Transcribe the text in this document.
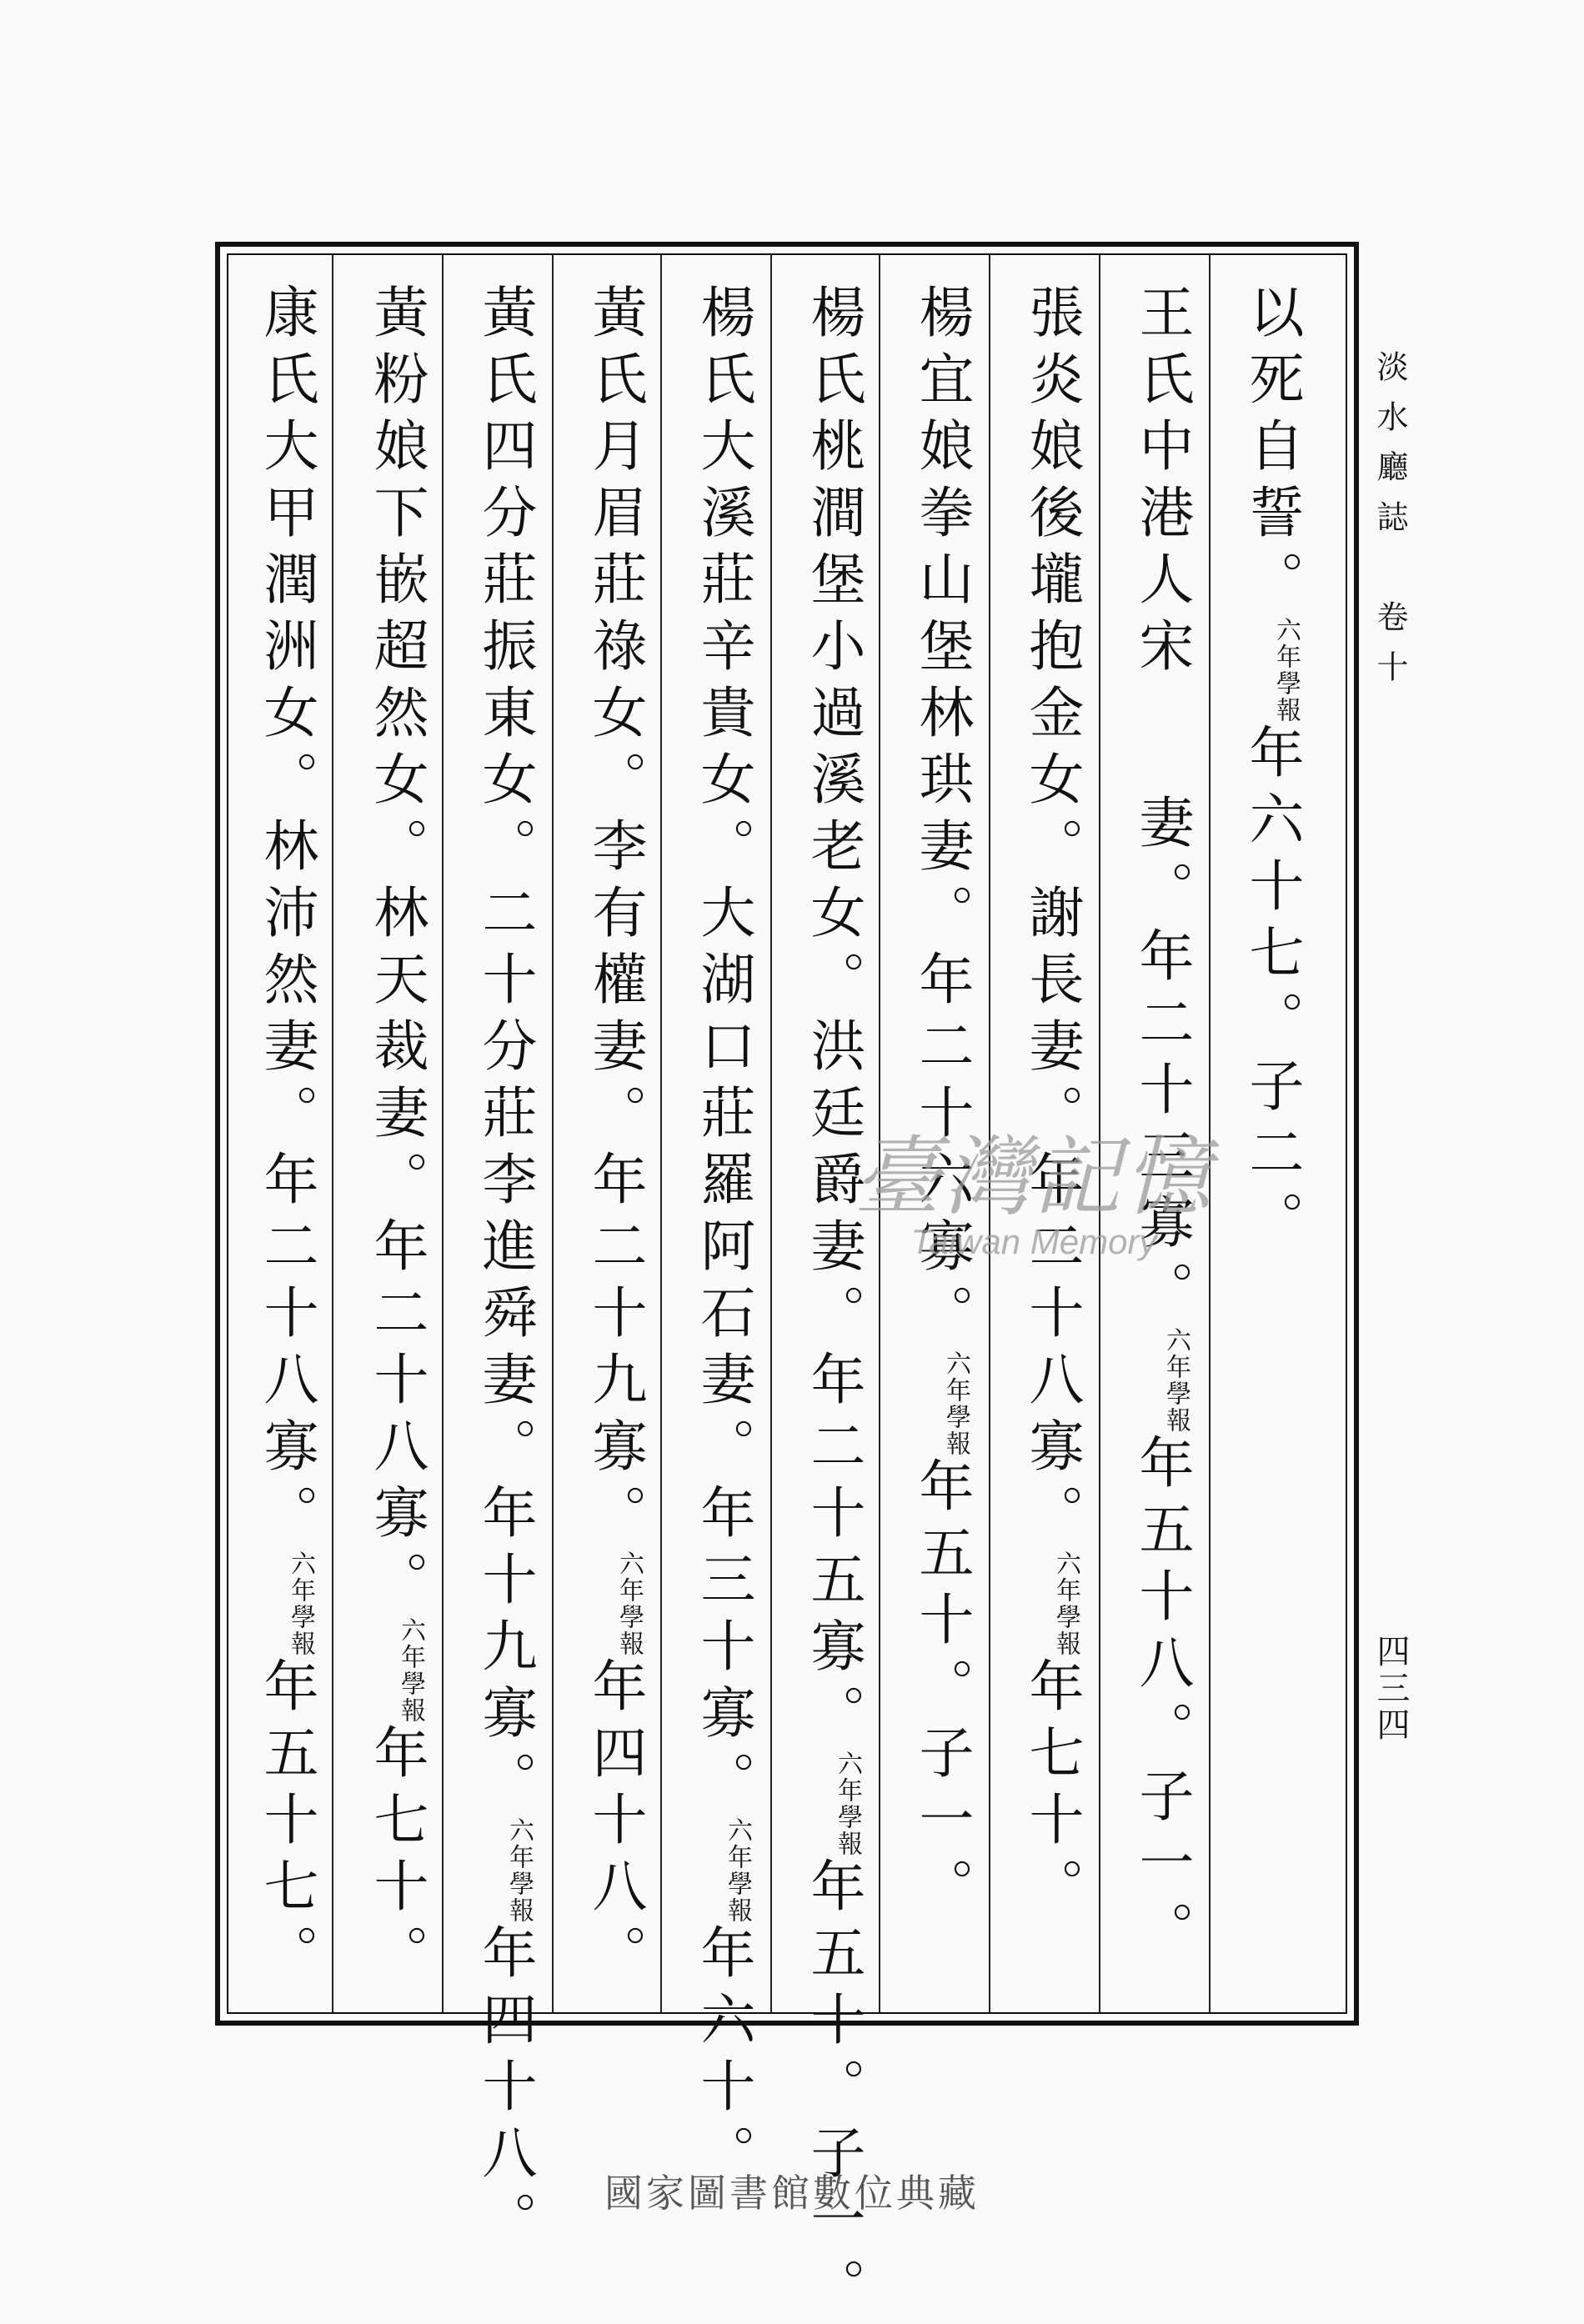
淡水廳誌　卷十
四三四
以死自誓。$^{六年學報}$年六十七。子二。
王氏中港人宋　　妻。年二十三寡。$^{六年學報}$年五十八。子一。
張炎娘後壠抱金女。謝長妻。年二十八寡。$^{六年學報}$年七十。
楊宜娘拳山堡林珙妻。年二十六寡。$^{六年學報}$年五十。子一。
楊氏桃澗堡小過溪老女。洪廷爵妻。年二十五寡。$^{六年學報}$年五十。子一。
楊氏大溪莊辛貴女。大湖口莊羅阿石妻。年三十寡。$^{六年學報}$年六十。
黃氏月眉莊祿女。李有權妻。年二十九寡。$^{六年學報}$年四十八。
黃氏四分莊振東女。二十分莊李進舜妻。年十九寡。$^{六年學報}$年四十八。
黃粉娘下嵌超然女。林天裁妻。年二十八寡。$^{六年學報}$年七十。
康氏大甲潤洲女。林沛然妻。年二十八寡。$^{六年學報}$年五十七。
臺灣記憶
Taiwan Memory
國家圖書館數位典藏
